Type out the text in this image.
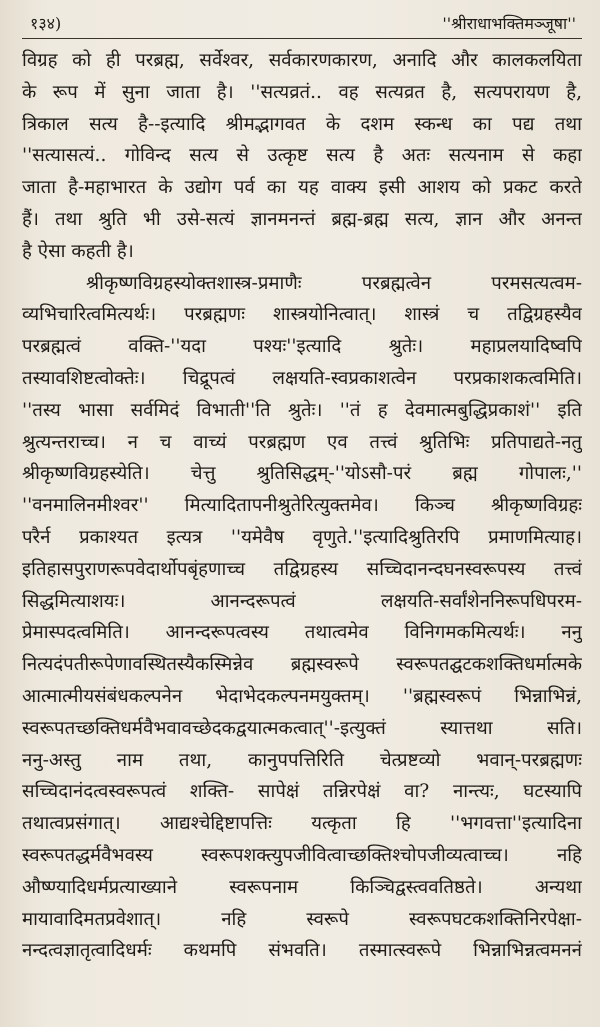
१३४)	''श्रीराधाभक्तिमञ्जूषा''
विग्रह को ही परब्रह्म, सर्वेश्वर, सर्वकारणकारण, अनादि और कालकलयिता
के रूप में सुना जाता है। ''सत्यव्रतं.. वह सत्यव्रत है, सत्यपरायण है,
त्रिकाल सत्य है--इत्यादि श्रीमद्भागवत के दशम स्कन्ध का पद्य तथा
''सत्यासत्यं.. गोविन्द सत्य से उत्कृष्ट सत्य है अतः सत्यनाम से कहा
जाता है-महाभारत के उद्योग पर्व का यह वाक्य इसी आशय को प्रकट करते
हैं। तथा श्रुति भी उसे-सत्यं ज्ञानमनन्तं ब्रह्म-ब्रह्म सत्य, ज्ञान और अनन्त
है ऐसा कहती है।
श्रीकृष्णविग्रहस्योक्तशास्त्र-प्रमाणैः परब्रह्मत्वेन परमसत्यत्वम-
व्यभिचारित्वमित्यर्थः। परब्रह्मणः शास्त्रयोनित्वात्। शास्त्रं च तद्विग्रहस्यैव
परब्रह्मत्वं वक्ति-''यदा पश्यः''इत्यादि श्रुतेः। महाप्रलयादिष्वपि
तस्यावशिष्टत्वोक्तेः। चिद्रूपत्वं लक्षयति-स्वप्रकाशत्वेन परप्रकाशकत्वमिति।
''तस्य भासा सर्वमिदं विभाती''ति श्रुतेः। ''तं ह देवमात्मबुद्धिप्रकाशं'' इति
श्रुत्यन्तराच्च। न च वाच्यं परब्रह्मण एव तत्त्वं श्रुतिभिः प्रतिपाद्यते-नतु
श्रीकृष्णविग्रहस्येति। चेत्तु श्रुतिसिद्धम्-''योऽसौ-परं ब्रह्म गोपालः,''
''वनमालिनमीश्वर'' मित्यादितापनीश्रुतेरित्युक्तमेव। किञ्च श्रीकृष्णविग्रहः
परैर्न प्रकाश्यत इत्यत्र ''यमेवैष वृणुते.''इत्यादिश्रुतिरपि प्रमाणमित्याह।
इतिहासपुराणरूपवेदार्थोपबृंहणाच्च तद्विग्रहस्य सच्चिदानन्दघनस्वरूपस्य तत्त्वं
सिद्धमित्याशयः। आनन्दरूपत्वं लक्षयति-सर्वांशेननिरूपधिपरम-
प्रेमास्पदत्वमिति। आनन्दरूपत्वस्य तथात्वमेव विनिगमकमित्यर्थः। ननु
नित्यदंपतीरूपेणावस्थितस्यैकस्मिन्नेव ब्रह्मस्वरूपे स्वरूपतद्घटकशक्तिधर्मात्मके
आत्मात्मीयसंबंधकल्पनेन भेदाभेदकल्पनमयुक्तम्। ''ब्रह्मस्वरूपं भिन्नाभिन्नं,
स्वरूपतच्छक्तिधर्मवैभवावच्छेदकद्वयात्मकत्वात्''-इत्युक्तं स्यात्तथा सति।
ननु-अस्तु नाम तथा, कानुपपत्तिरिति चेत्प्रष्टव्यो भवान्-परब्रह्मणः
सच्चिदानंदत्वस्वरूपत्वं शक्ति- सापेक्षं तन्निरपेक्षं वा? नान्त्यः, घटस्यापि
तथात्वप्रसंगात्। आद्यश्चेद्दिष्टापत्तिः यत्कृता हि ''भगवत्ता''इत्यादिना
स्वरूपतद्धर्मवैभवस्य स्वरूपशक्त्युपजीवित्वाच्छक्तिश्चोपजीव्यत्वाच्च। नहि
औष्ण्यादिधर्मप्रत्याख्याने स्वरूपनाम किञ्चिद्वस्त्ववतिष्ठते। अन्यथा
मायावादिमतप्रवेशात्। नहि स्वरूपे स्वरूपघटकशक्तिनिरपेक्षा-
नन्दत्वज्ञातृत्वादिधर्मः कथमपि संभवति। तस्मात्स्वरूपे भिन्नाभिन्नत्वमननं
